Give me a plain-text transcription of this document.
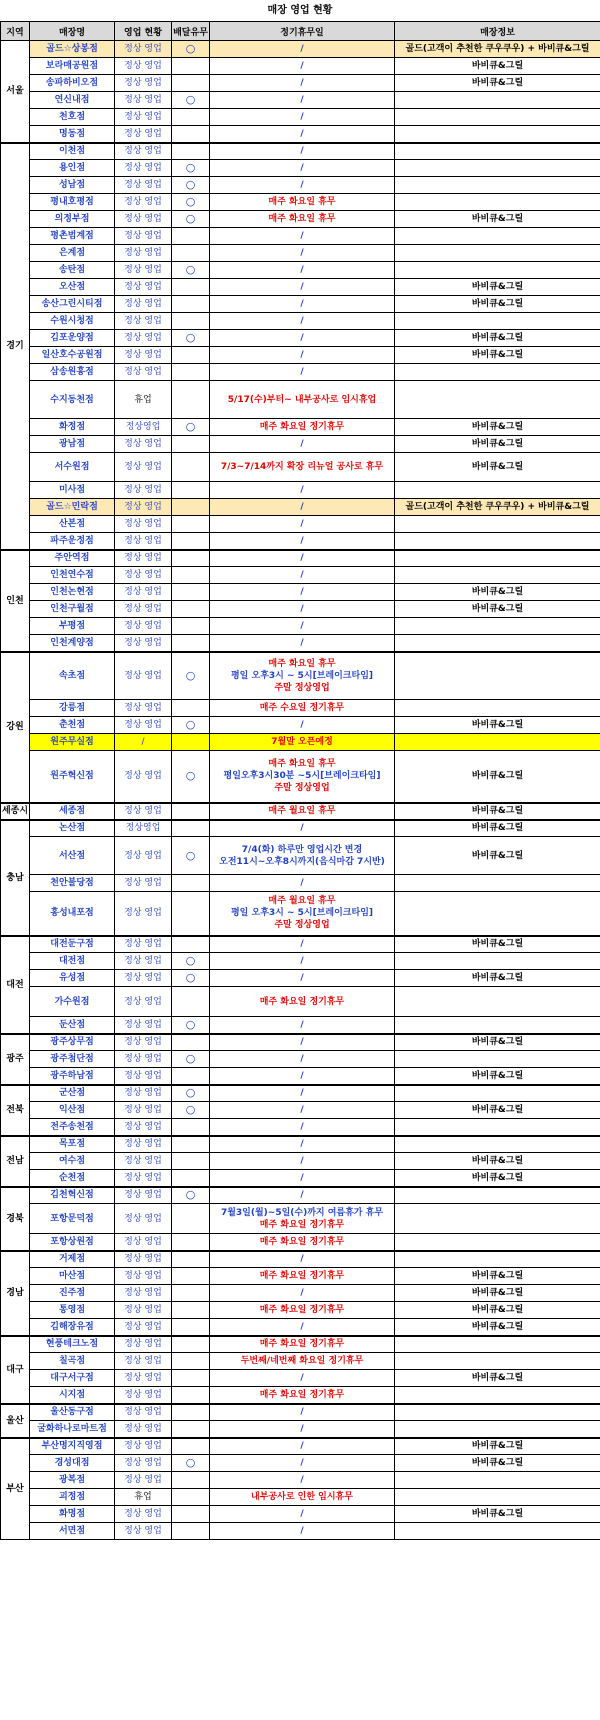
매장 영업 현황
지역	매장명	영업 현황	배달유무	정기휴무일	매장정보
서울	골드☆상봉점	정상 영업	○	/	골드(고객이 추천한 쿠우쿠우) + 바비큐&그릴
	보라매공원점	정상 영업		/	바비큐&그릴
	송파하비오점	정상 영업		/	바비큐&그릴
	연신내점	정상 영업	○	/	

	천호점	정상 영업		/	

	명동점	정상 영업		/	

경기	이천점	정상 영업		/	

	용인점	정상 영업	○	/	

	성남점	정상 영업	○	/	

	평내호평점	정상 영업	○	매주 화요일 휴무	

	의정부점	정상 영업	○	매주 화요일 휴무	바비큐&그릴
	평촌범계점	정상 영업		/	

	은계점	정상 영업		/	

	송탄점	정상 영업	○	/	

	오산점	정상 영업		/	바비큐&그릴
	송산그린시티점	정상 영업		/	바비큐&그릴
	수원시청점	정상 영업		/	

	김포운양점	정상 영업	○	/	바비큐&그릴
	일산호수공원점	정상 영업		/	바비큐&그릴
	삼송원흥점	정상 영업		/	

	수지동천점	휴업		5/17(수)부터~ 내부공사로 임시휴업	

	화정점	정상영업	○	매주 화요일 정기휴무	바비큐&그릴
	광남점	정상 영업		/	바비큐&그릴
	서수원점	정상 영업		7/3~7/14까지 확장 리뉴얼 공사로 휴무	바비큐&그릴
	미사점	정상 영업		/	

	골드☆민락점	정상 영업		/	골드(고객이 추천한 쿠우쿠우) + 바비큐&그릴
	산본점	정상 영업		/	

	파주운정점	정상 영업		/	

인천	주안역점	정상 영업		/	

	인천연수점	정상 영업		/	

	인천논현점	정상 영업		/	바비큐&그릴
	인천구월점	정상 영업		/	바비큐&그릴
	부평점	정상 영업		/	

	인천계양점	정상 영업		/	

강원	속초점	정상 영업	○	매주 화요일 휴무
평일 오후3시 ~ 5시[브레이크타임]
주말 정상영업	

	강릉점	정상 영업		매주 수요일 정기휴무	

	춘천점	정상 영업	○	/	바비큐&그릴
	원주무실점	/		7월말 오픈예정	

	원주혁신점	정상 영업	○	매주 화요일 휴무
평일오후3시30분 ~5시[브레이크타임]
주말 정상영업	바비큐&그릴
세종시	세종점	정상 영업		매주 월요일 휴무	바비큐&그릴
충남	논산점	정상영업		/	바비큐&그릴
	서산점	정상 영업	○	7/4(화) 하루만 영업시간 변경
오전11시~오후8시까지(음식마감 7시반)	바비큐&그릴
	천안불당점	정상 영업		/	

	홍성내포점	정상 영업		매주 월요일 휴무
평일 오후3시 ~ 5시[브레이크타임]
주말 정상영업	

대전	대전둔구점	정상 영업		/	바비큐&그릴
	대전점	정상 영업	○	/	

	유성점	정상 영업	○	/	바비큐&그릴
	가수원점	정상 영업		매주 화요일 정기휴무	

	둔산점	정상 영업	○	/	

광주	광주상무점	정상 영업		/	바비큐&그릴
	광주첨단점	정상 영업	○	/	

	광주하남점	정상 영업		/	바비큐&그릴
전북	군산점	정상 영업	○	/	

	익산점	정상 영업	○	/	바비큐&그릴
	전주송천점	정상 영업		/	

전남	목포점	정상 영업		/	

	여수점	정상 영업		/	바비큐&그릴
	순천점	정상 영업		/	바비큐&그릴
경북	김천혁신점	정상 영업	○	/	

	포항문덕점	정상 영업		7월3일(월)~5일(수)까지 여름휴가 휴무
매주 화요일 정기휴무	

	포항상원점	정상 영업		매주 화요일 정기휴무	

경남	거제점	정상 영업		/	

	마산점	정상 영업		매주 화요일 정기휴무	바비큐&그릴
	진주점	정상 영업		/	바비큐&그릴
	통영점	정상 영업		매주 화요일 정기휴무	바비큐&그릴
	김해장유점	정상 영업		/	바비큐&그릴
대구	현풍테크노점	정상 영업		매주 화요일 정기휴무	

	칠곡점	정상 영업		두번째/네번째 화요일 정기휴무	

	대구서구점	정상 영업		/	바비큐&그릴
	시지점	정상 영업		매주 화요일 정기휴무	

울산	울산동구점	정상 영업		/	

	굴화하나로마트점	정상 영업		/	

부산	부산명지직영점	정상 영업		/	바비큐&그릴
	경성대점	정상 영업	○	/	바비큐&그릴
	광복점	정상 영업		/	

	괴정점	휴업		내부공사로 인한 임시휴무	

	화명점	정상 영업		/	바비큐&그릴
	서면점	정상 영업		/	
